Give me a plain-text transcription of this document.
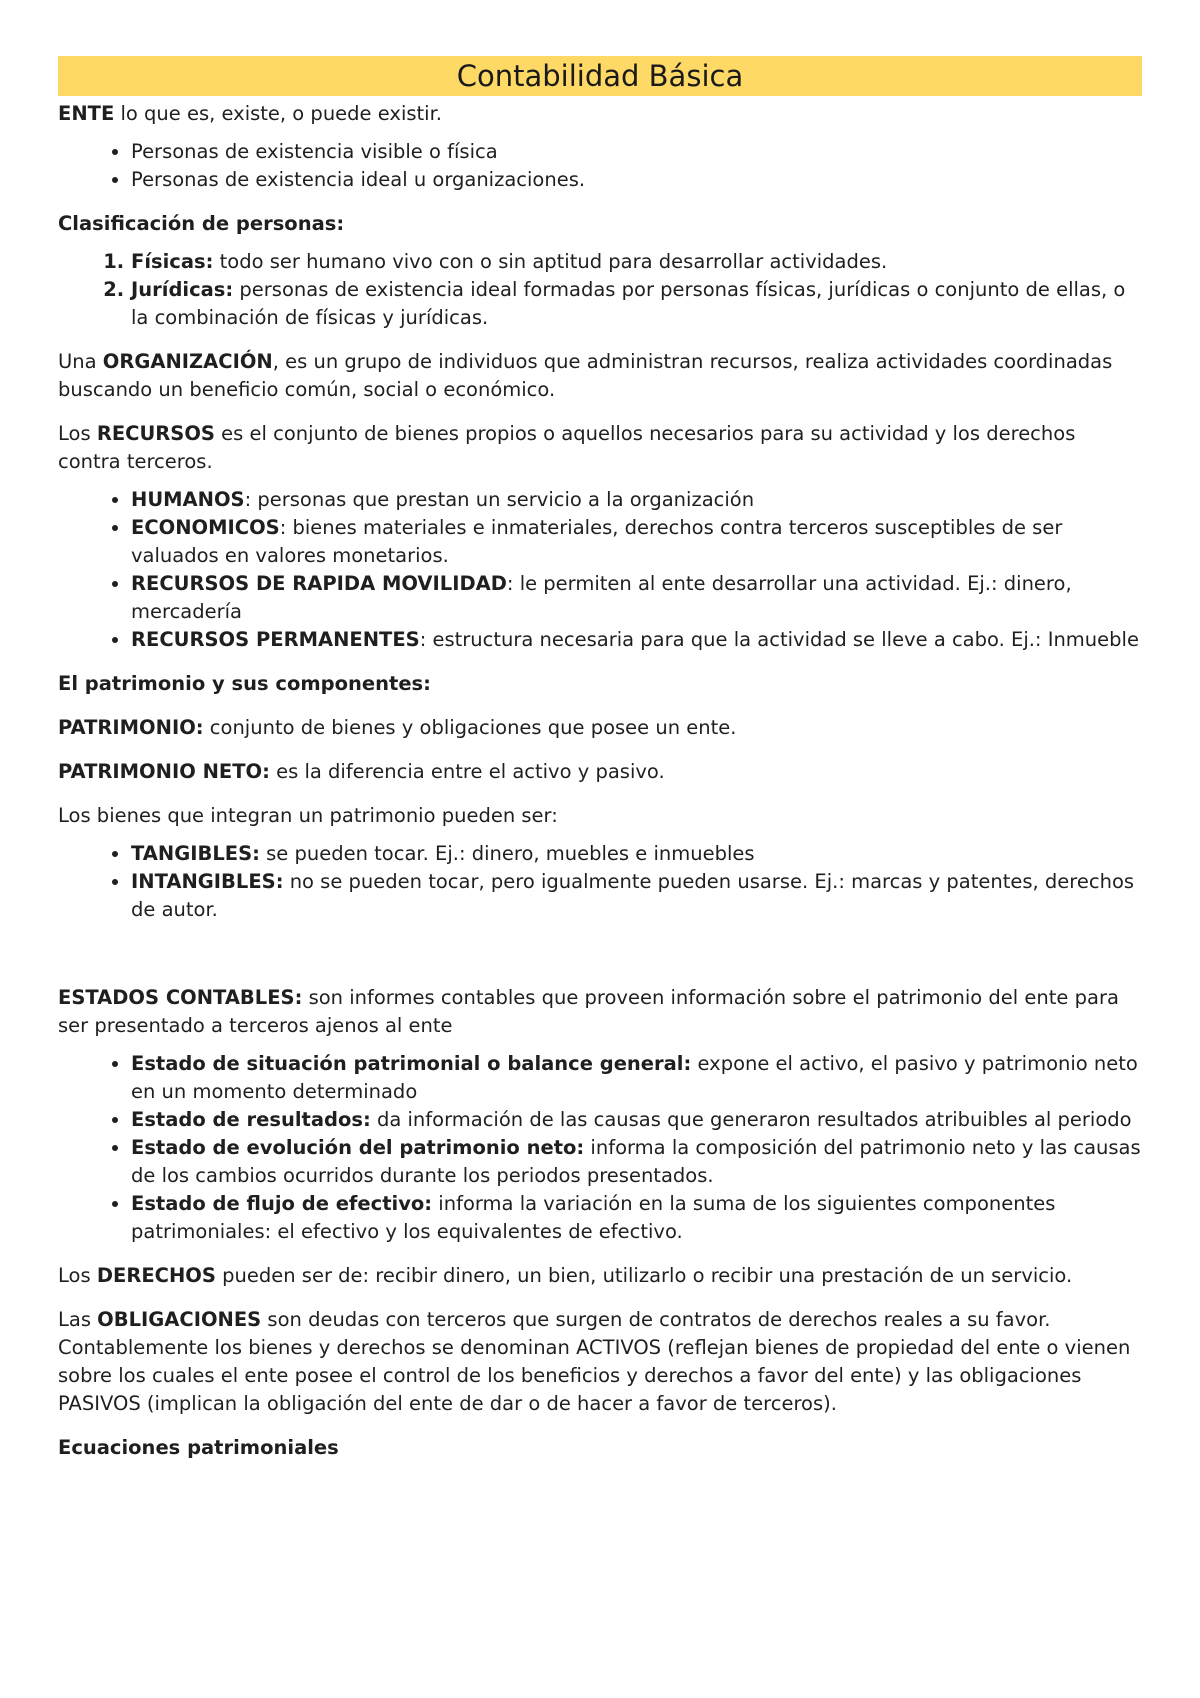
Contabilidad Básica

ENTE lo que es, existe, o puede existir.

• Personas de existencia visible o física
• Personas de existencia ideal u organizaciones.

Clasificación de personas:

1. Físicas: todo ser humano vivo con o sin aptitud para desarrollar actividades.
2. Jurídicas: personas de existencia ideal formadas por personas físicas, jurídicas o conjunto de ellas, o la combinación de físicas y jurídicas.

Una ORGANIZACIÓN, es un grupo de individuos que administran recursos, realiza actividades coordinadas buscando un beneficio común, social o económico.

Los RECURSOS es el conjunto de bienes propios o aquellos necesarios para su actividad y los derechos contra terceros.

• HUMANOS: personas que prestan un servicio a la organización
• ECONOMICOS: bienes materiales e inmateriales, derechos contra terceros susceptibles de ser valuados en valores monetarios.
• RECURSOS DE RAPIDA MOVILIDAD: le permiten al ente desarrollar una actividad. Ej.: dinero, mercadería
• RECURSOS PERMANENTES: estructura necesaria para que la actividad se lleve a cabo. Ej.: Inmueble

El patrimonio y sus componentes:

PATRIMONIO: conjunto de bienes y obligaciones que posee un ente.

PATRIMONIO NETO: es la diferencia entre el activo y pasivo.

Los bienes que integran un patrimonio pueden ser:

• TANGIBLES: se pueden tocar. Ej.: dinero, muebles e inmuebles
• INTANGIBLES: no se pueden tocar, pero igualmente pueden usarse. Ej.: marcas y patentes, derechos de autor.

ESTADOS CONTABLES: son informes contables que proveen información sobre el patrimonio del ente para ser presentado a terceros ajenos al ente

• Estado de situación patrimonial o balance general: expone el activo, el pasivo y patrimonio neto en un momento determinado
• Estado de resultados: da información de las causas que generaron resultados atribuibles al periodo
• Estado de evolución del patrimonio neto: informa la composición del patrimonio neto y las causas de los cambios ocurridos durante los periodos presentados.
• Estado de flujo de efectivo: informa la variación en la suma de los siguientes componentes patrimoniales: el efectivo y los equivalentes de efectivo.

Los DERECHOS pueden ser de: recibir dinero, un bien, utilizarlo o recibir una prestación de un servicio.

Las OBLIGACIONES son deudas con terceros que surgen de contratos de derechos reales a su favor. Contablemente los bienes y derechos se denominan ACTIVOS (reflejan bienes de propiedad del ente o vienen sobre los cuales el ente posee el control de los beneficios y derechos a favor del ente) y las obligaciones PASIVOS (implican la obligación del ente de dar o de hacer a favor de terceros).

Ecuaciones patrimoniales
